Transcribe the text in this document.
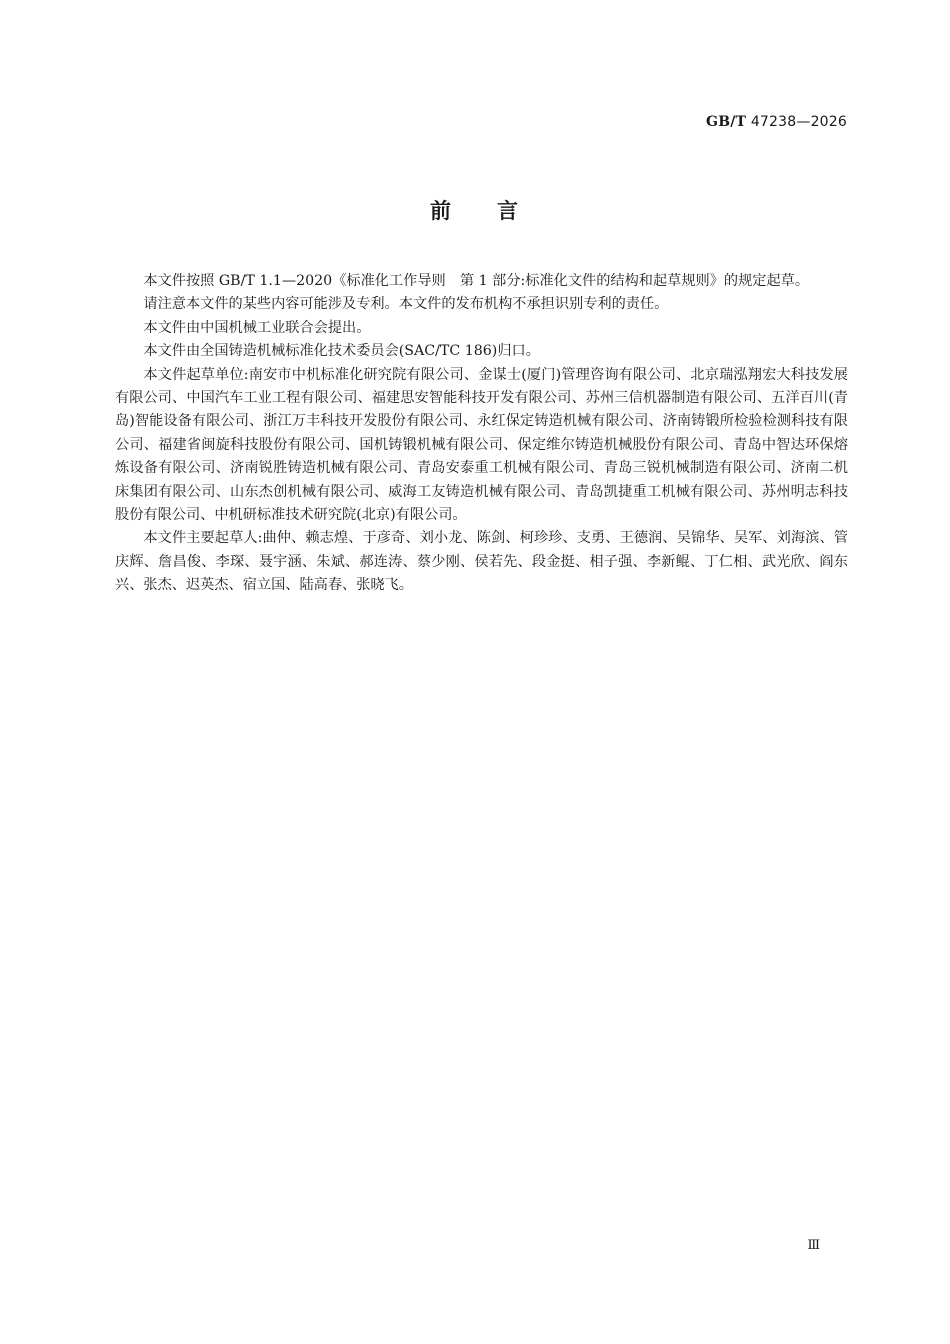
GB/T 47238—2026
前 言

本文件按照 GB/T 1.1—2020《标准化工作导则　第 1 部分:标准化文件的结构和起草规则》的规定起草。

请注意本文件的某些内容可能涉及专利。本文件的发布机构不承担识别专利的责任。

本文件由中国机械工业联合会提出。

本文件由全国铸造机械标准化技术委员会(SAC/TC 186)归口。

本文件起草单位:南安市中机标准化研究院有限公司、金谋士(厦门)管理咨询有限公司、北京瑞泓翔宏大科技发展有限公司、中国汽车工业工程有限公司、福建思安智能科技开发有限公司、苏州三信机器制造有限公司、五洋百川(青岛)智能设备有限公司、浙江万丰科技开发股份有限公司、永红保定铸造机械有限公司、济南铸锻所检验检测科技有限公司、福建省闽旋科技股份有限公司、国机铸锻机械有限公司、保定维尔铸造机械股份有限公司、青岛中智达环保熔炼设备有限公司、济南锐胜铸造机械有限公司、青岛安泰重工机械有限公司、青岛三锐机械制造有限公司、济南二机床集团有限公司、山东杰创机械有限公司、威海工友铸造机械有限公司、青岛凯捷重工机械有限公司、苏州明志科技股份有限公司、中机研标准技术研究院(北京)有限公司。

本文件主要起草人:曲仲、赖志煌、于彦奇、刘小龙、陈剑、柯珍珍、支勇、王德润、吴锦华、吴军、刘海滨、管庆辉、詹昌俊、李琛、聂宇涵、朱斌、郝连涛、蔡少刚、侯若先、段金挺、相子强、李新鲲、丁仁相、武光欣、阎东兴、张杰、迟英杰、宿立国、陆高春、张晓飞。

Ⅲ
